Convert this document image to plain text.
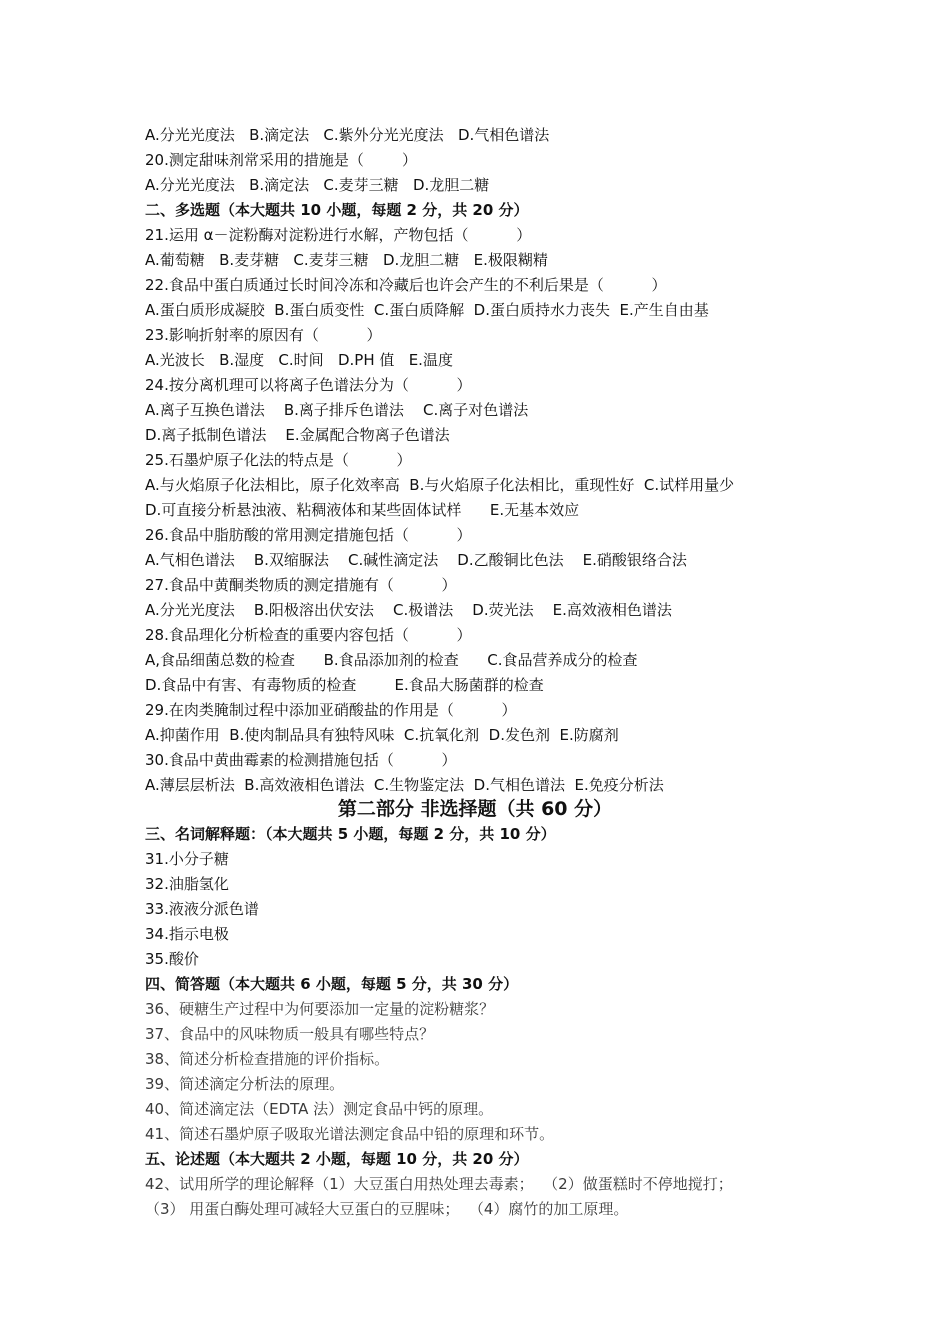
A.分光光度法   B.滴定法   C.紫外分光光度法   D.气相色谱法
20.测定甜味剂常采用的措施是（        ）
A.分光光度法   B.滴定法   C.麦芽三糖   D.龙胆二糖
二、多选题（本大题共 10 小题，每题 2 分，共 20 分）
21.运用 α－淀粉酶对淀粉进行水解，产物包括（          ）
A.葡萄糖   B.麦芽糖   C.麦芽三糖   D.龙胆二糖   E.极限糊精
22.食品中蛋白质通过长时间冷冻和冷藏后也许会产生的不利后果是（          ）
A.蛋白质形成凝胶  B.蛋白质变性  C.蛋白质降解  D.蛋白质持水力丧失  E.产生自由基
23.影响折射率的原因有（          ）
A.光波长   B.湿度   C.时间   D.PH 值   E.温度
24.按分离机理可以将离子色谱法分为（          ）
A.离子互换色谱法    B.离子排斥色谱法    C.离子对色谱法
D.离子抵制色谱法    E.金属配合物离子色谱法
25.石墨炉原子化法的特点是（          ）
A.与火焰原子化法相比，原子化效率高  B.与火焰原子化法相比，重现性好  C.试样用量少
D.可直接分析悬浊液、粘稠液体和某些固体试样      E.无基本效应
26.食品中脂肪酸的常用测定措施包括（          ）
A.气相色谱法    B.双缩脲法    C.碱性滴定法    D.乙酸铜比色法    E.硝酸银络合法
27.食品中黄酮类物质的测定措施有（          ）
A.分光光度法    B.阳极溶出伏安法    C.极谱法    D.荧光法    E.高效液相色谱法
28.食品理化分析检查的重要内容包括（          ）
A,食品细菌总数的检查      B.食品添加剂的检查      C.食品营养成分的检查
D.食品中有害、有毒物质的检查        E.食品大肠菌群的检查
29.在肉类腌制过程中添加亚硝酸盐的作用是（          ）
A.抑菌作用  B.使肉制品具有独特风味  C.抗氧化剂  D.发色剂  E.防腐剂
30.食品中黄曲霉素的检测措施包括（          ）
A.薄层层析法  B.高效液相色谱法  C.生物鉴定法  D.气相色谱法  E.免疫分析法
第二部分 非选择题（共 60 分）
三、名词解释题：（本大题共 5 小题，每题 2 分，共 10 分）
31.小分子糖
32.油脂氢化
33.液液分派色谱
34.指示电极
35.酸价
四、简答题（本大题共 6 小题，每题 5 分，共 30 分）
36、硬糖生产过程中为何要添加一定量的淀粉糖浆？
37、食品中的风味物质一般具有哪些特点？
38、简述分析检查措施的评价指标。
39、简述滴定分析法的原理。
40、简述滴定法（EDTA 法）测定食品中钙的原理。
41、简述石墨炉原子吸取光谱法测定食品中铅的原理和环节。
五、论述题（本大题共 2 小题，每题 10 分，共 20 分）
42、试用所学的理论解释（1）大豆蛋白用热处理去毒素；  （2）做蛋糕时不停地搅打；
（3） 用蛋白酶处理可减轻大豆蛋白的豆腥味；  （4）腐竹的加工原理。
